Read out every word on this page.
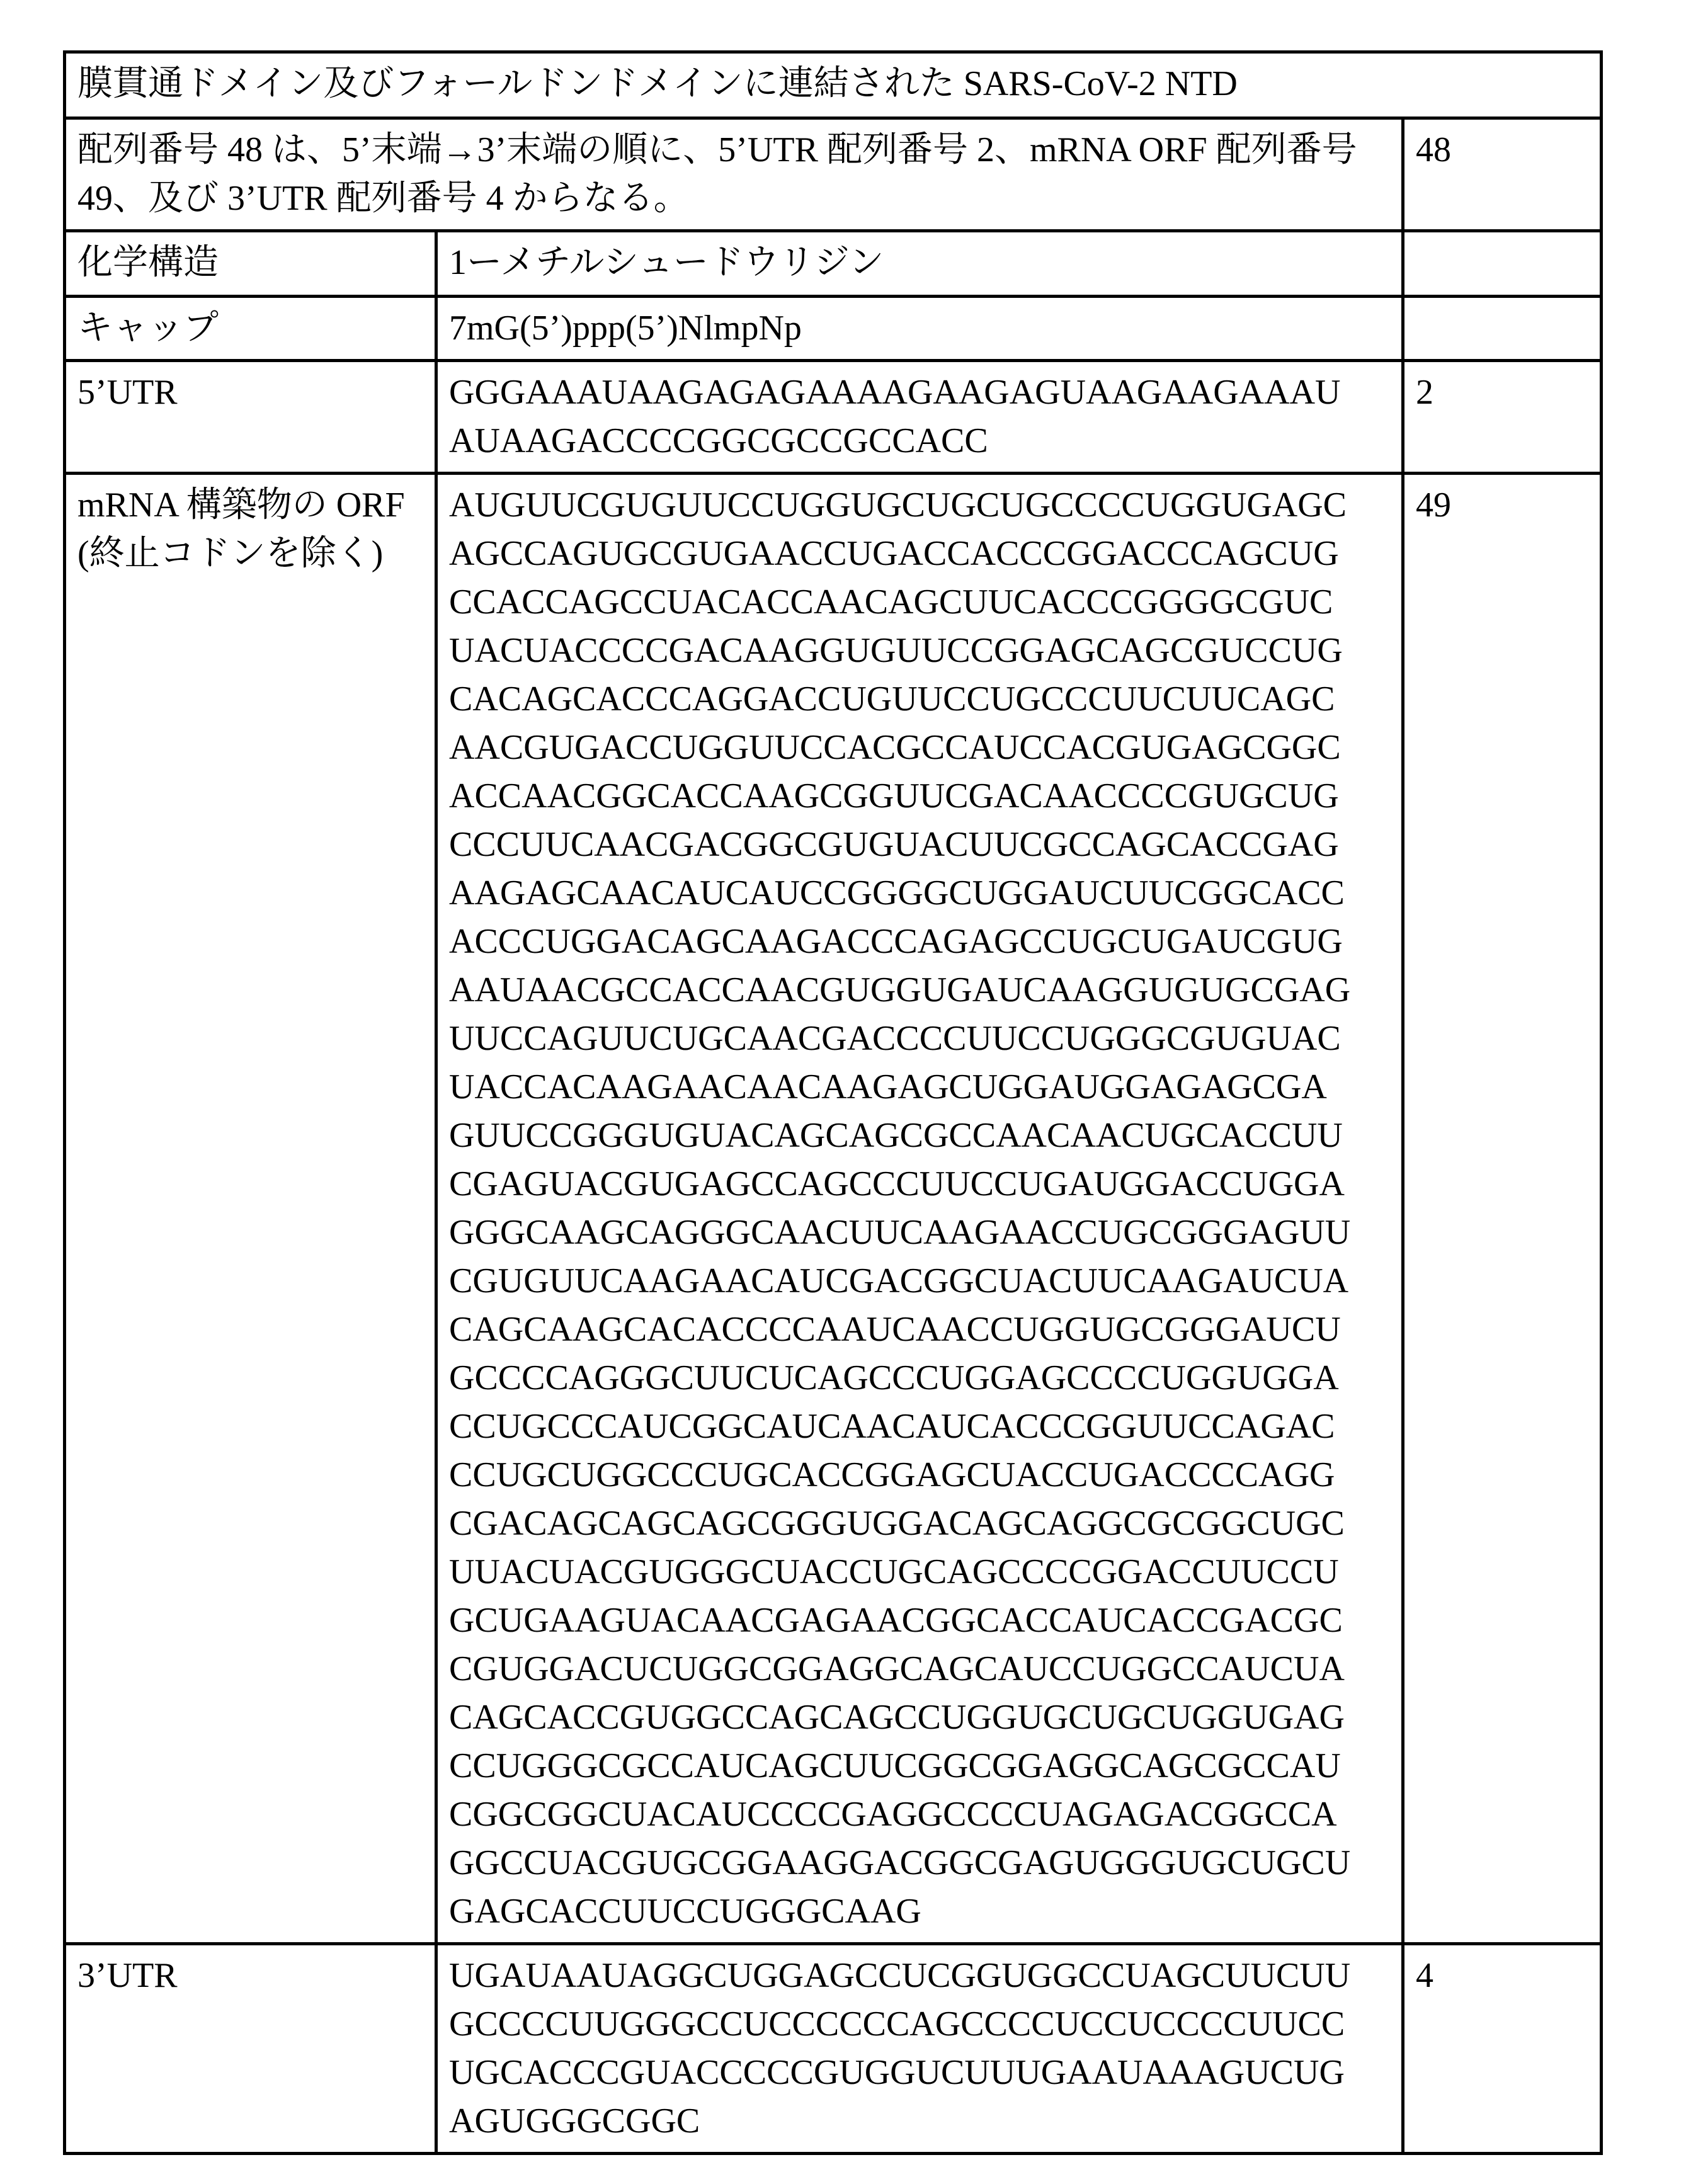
膜貫通ドメイン及びフォールドンドメインに連結された SARS-CoV-2 NTD
配列番号 48 は、5’末端→3’末端の順に、5’UTR 配列番号 2、mRNA ORF 配列番号 49、及び 3’UTR 配列番号 4 からなる。	48
化学構造	1ーメチルシュードウリジン

キャップ	7mG(5’)ppp(5’)NlmpNp

5’UTR	GGGAAAUAAGAGAGAAAAGAAGAGUAAGAAGAAAU
AUAAGACCCCGGCGCCGCCACC
	2
mRNA 構築物の ORF (終止コドンを除く)	
AUGUUCGUGUUCCUGGUGCUGCUGCCCCUGGUGAGC
AGCCAGUGCGUGAACCUGACCACCCGGACCCAGCUG
CCACCAGCCUACACCAACAGCUUCACCCGGGGCGUC
UACUACCCCGACAAGGUGUUCCGGAGCAGCGUCCUG
CACAGCACCCAGGACCUGUUCCUGCCCUUCUUCAGC
AACGUGACCUGGUUCCACGCCAUCCACGUGAGCGGC
ACCAACGGCACCAAGCGGUUCGACAACCCCGUGCUG
CCCUUCAACGACGGCGUGUACUUCGCCAGCACCGAG
AAGAGCAACAUCAUCCGGGGCUGGAUCUUCGGCACC
ACCCUGGACAGCAAGACCCAGAGCCUGCUGAUCGUG
AAUAACGCCACCAACGUGGUGAUCAAGGUGUGCGAG
UUCCAGUUCUGCAACGACCCCUUCCUGGGCGUGUAC
UACCACAAGAACAACAAGAGCUGGAUGGAGAGCGA
GUUCCGGGUGUACAGCAGCGCCAACAACUGCACCUU
CGAGUACGUGAGCCAGCCCUUCCUGAUGGACCUGGA
GGGCAAGCAGGGCAACUUCAAGAACCUGCGGGAGUU
CGUGUUCAAGAACAUCGACGGCUACUUCAAGAUCUA
CAGCAAGCACACCCCAAUCAACCUGGUGCGGGAUCU
GCCCCAGGGCUUCUCAGCCCUGGAGCCCCUGGUGGA
CCUGCCCAUCGGCAUCAACAUCACCCGGUUCCAGAC
CCUGCUGGCCCUGCACCGGAGCUACCUGACCCCAGG
CGACAGCAGCAGCGGGUGGACAGCAGGCGCGGCUGC
UUACUACGUGGGCUACCUGCAGCCCCGGACCUUCCU
GCUGAAGUACAACGAGAACGGCACCAUCACCGACGC
CGUGGACUCUGGCGGAGGCAGCAUCCUGGCCAUCUA
CAGCACCGUGGCCAGCAGCCUGGUGCUGCUGGUGAG
CCUGGGCGCCAUCAGCUUCGGCGGAGGCAGCGCCAU
CGGCGGCUACAUCCCCGAGGCCCCUAGAGACGGCCA
GGCCUACGUGCGGAAGGACGGCGAGUGGGUGCUGCU
GAGCACCUUCCUGGGCAAG
	49
3’UTR	UGAUAAUAGGCUGGAGCCUCGGUGGCCUAGCUUCUU
GCCCCUUGGGCCUCCCCCCAGCCCCUCCUCCCCUUCC
UGCACCCGUACCCCCGUGGUCUUUGAAUAAAGUCUG
AGUGGGCGGC
	4
